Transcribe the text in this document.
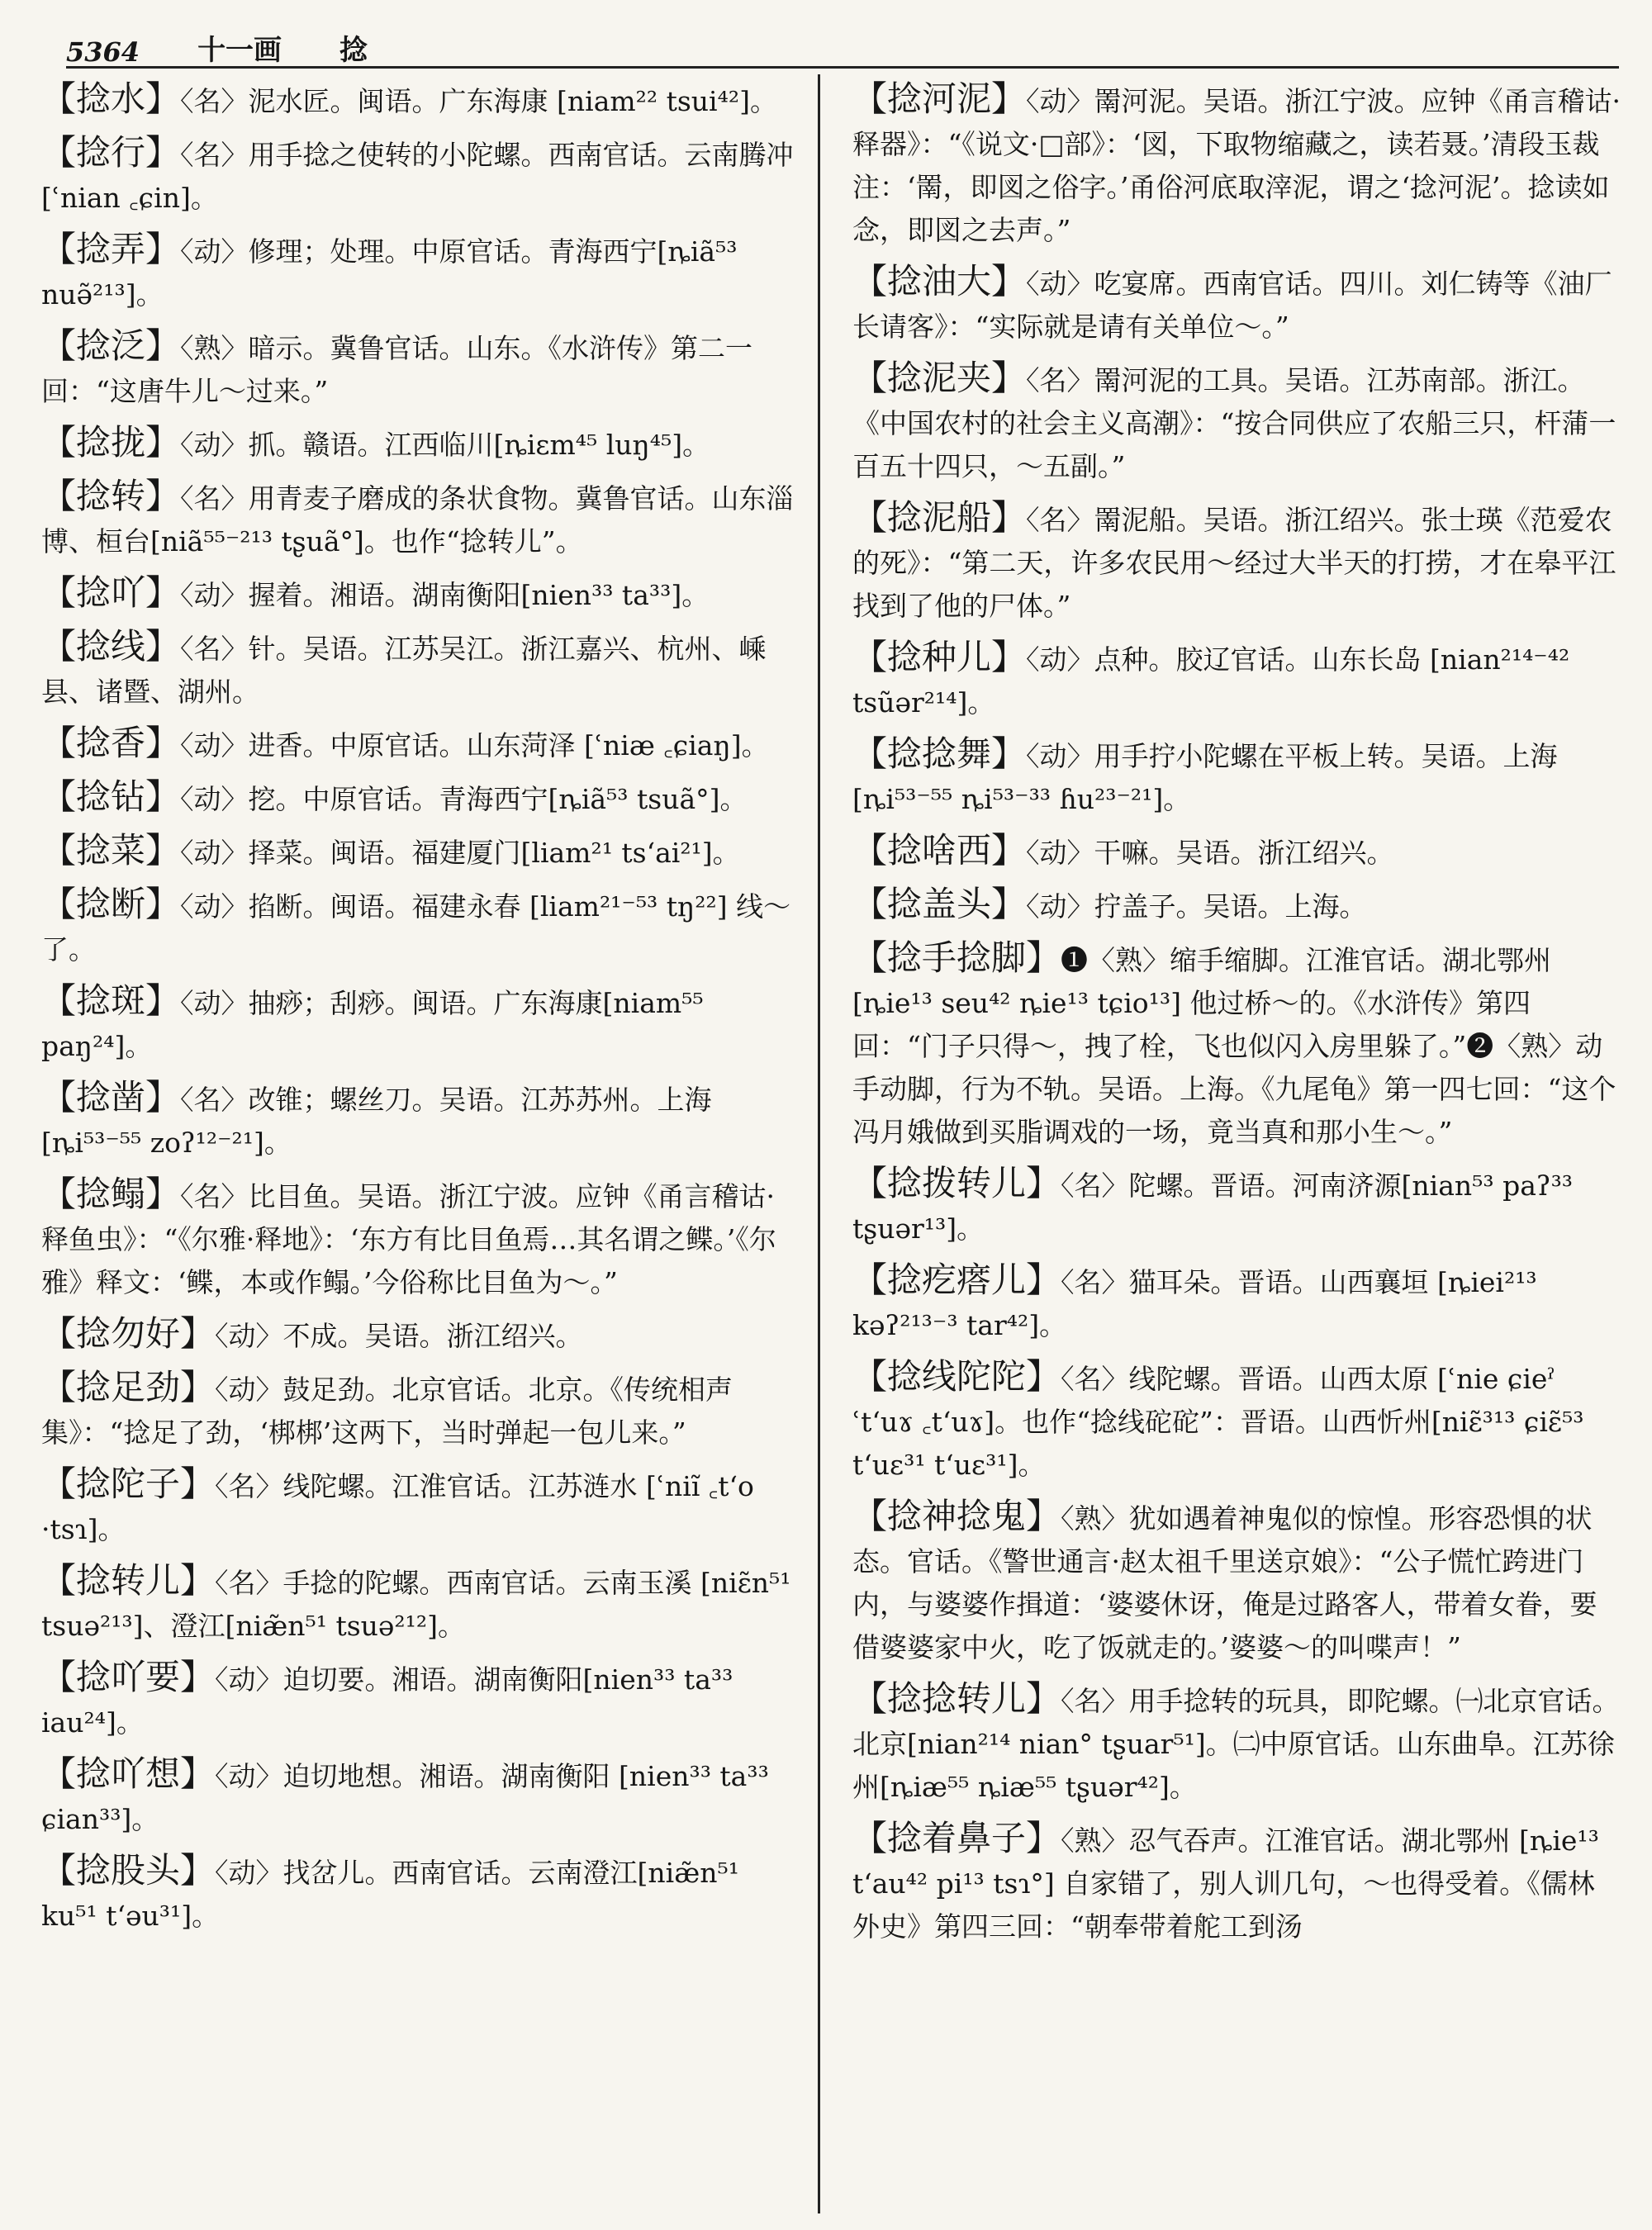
5364 十一画 捻
【捻水】〈名〉泥水匠。闽语。广东海康 [niam²² tsui⁴²]。
【捻行】〈名〉用手捻之使转的小陀螺。西南官话。云南腾冲[ʿnian ꜀ɕin]。
【捻弄】〈动〉修理；处理。中原官话。青海西宁[ȵiã⁵³ nuə̃²¹³]。
【捻泛】〈熟〉暗示。冀鲁官话。山东。《水浒传》第二一回：“这唐牛儿～过来。”
【捻拢】〈动〉抓。赣语。江西临川[ȵiɛm⁴⁵ luŋ⁴⁵]。
【捻转】〈名〉用青麦子磨成的条状食物。冀鲁官话。山东淄博、桓台[niã⁵⁵⁻²¹³ tʂuã°]。也作“捻转儿”。
【捻吖】〈动〉握着。湘语。湖南衡阳[nien³³ ta³³]。
【捻线】〈名〉针。吴语。江苏吴江。浙江嘉兴、杭州、嵊县、诸暨、湖州。
【捻香】〈动〉进香。中原官话。山东菏泽 [ʿniæ ꜀ɕiaŋ]。
【捻钻】〈动〉挖。中原官话。青海西宁[ȵiã⁵³ tsuã°]。
【捻菜】〈动〉择菜。闽语。福建厦门[liam²¹ tsʻai²¹]。
【捻断】〈动〉掐断。闽语。福建永春 [liam²¹⁻⁵³ tŋ²²] 线～了。
【捻斑】〈动〉抽痧；刮痧。闽语。广东海康[niam⁵⁵ paŋ²⁴]。
【捻凿】〈名〉改锥；螺丝刀。吴语。江苏苏州。上海 [ȵi⁵³⁻⁵⁵ zoʔ¹²⁻²¹]。
【捻鳎】〈名〉比目鱼。吴语。浙江宁波。应钟《甬言稽诂·释鱼虫》：“《尔雅·释地》：‘东方有比目鱼焉…其名谓之鲽。’《尔雅》释文：‘鲽，本或作鳎。’今俗称比目鱼为～。”
【捻勿好】〈动〉不成。吴语。浙江绍兴。
【捻足劲】〈动〉鼓足劲。北京官话。北京。《传统相声集》：“捻足了劲，‘梆梆’这两下，当时弹起一包儿来。”
【捻陀子】〈名〉线陀螺。江淮官话。江苏涟水 [ʿniĩ ꜀tʻo ·tsɿ]。
【捻转儿】〈名〉手捻的陀螺。西南官话。云南玉溪 [niɛ̃n⁵¹ tsuə²¹³]、澄江[niæ̃n⁵¹ tsuə²¹²]。
【捻吖要】〈动〉迫切要。湘语。湖南衡阳[nien³³ ta³³ iau²⁴]。
【捻吖想】〈动〉迫切地想。湘语。湖南衡阳 [nien³³ ta³³ ɕian³³]。
【捻股头】〈动〉找岔儿。西南官话。云南澄江[niæ̃n⁵¹ ku⁵¹ tʻəu³¹]。
【捻河泥】〈动〉罱河泥。吴语。浙江宁波。应钟《甬言稽诂·释器》：“《说文·□部》：‘図，下取物缩藏之，读若聂。’清段玉裁注：‘罱，即図之俗字。’甬俗河底取滓泥，谓之‘捻河泥’。捻读如念，即図之去声。”
【捻油大】〈动〉吃宴席。西南官话。四川。刘仁铸等《油厂长请客》：“实际就是请有关单位～。”
【捻泥夹】〈名〉罱河泥的工具。吴语。江苏南部。浙江。《中国农村的社会主义高潮》：“按合同供应了农船三只，杆蒲一百五十四只，～五副。”
【捻泥船】〈名〉罱泥船。吴语。浙江绍兴。张士瑛《范爱农的死》：“第二天，许多农民用～经过大半天的打捞，才在皋平江找到了他的尸体。”
【捻种儿】〈动〉点种。胶辽官话。山东长岛 [nian²¹⁴⁻⁴² tsũər²¹⁴]。
【捻捻舞】〈动〉用手拧小陀螺在平板上转。吴语。上海 [ȵi⁵³⁻⁵⁵ ȵi⁵³⁻³³ ɦu²³⁻²¹]。
【捻啥西】〈动〉干嘛。吴语。浙江绍兴。
【捻盖头】〈动〉拧盖子。吴语。上海。
【捻手捻脚】❶〈熟〉缩手缩脚。江淮官话。湖北鄂州 [ȵie¹³ seu⁴² ȵie¹³ tɕio¹³] 他过桥～的。《水浒传》第四回：“门子只得～，拽了栓，飞也似闪入房里躲了。”❷〈熟〉动手动脚，行为不轨。吴语。上海。《九尾龟》第一四七回：“这个冯月娥做到买脂调戏的一场，竟当真和那小生～。”
【捻拨转儿】〈名〉陀螺。晋语。河南济源[nian⁵³ paʔ³³ tʂuər¹³]。
【捻疙瘩儿】〈名〉猫耳朵。晋语。山西襄垣 [ȵiei²¹³ kəʔ²¹³⁻³ tar⁴²]。
【捻线陀陀】〈名〉线陀螺。晋语。山西太原 [ʿnie ɕieˀ ʿtʻuɤ ꜀tʻuɤ]。也作“捻线砣砣”：晋语。山西忻州[niɛ̃³¹³ ɕiɛ̃⁵³ tʻuɛ³¹ tʻuɛ³¹]。
【捻神捻鬼】〈熟〉犹如遇着神鬼似的惊惶。形容恐惧的状态。官话。《警世通言·赵太祖千里送京娘》：“公子慌忙跨进门内，与婆婆作揖道：‘婆婆休讶，俺是过路客人，带着女眷，要借婆婆家中火，吃了饭就走的。’婆婆～的叫喋声！”
【捻捻转儿】〈名〉用手捻转的玩具，即陀螺。㈠北京官话。北京[nian²¹⁴ nian° tʂuar⁵¹]。㈡中原官话。山东曲阜。江苏徐州[ȵiæ⁵⁵ ȵiæ⁵⁵ tʂuər⁴²]。
【捻着鼻子】〈熟〉忍气吞声。江淮官话。湖北鄂州 [ȵie¹³ tʻau⁴² pi¹³ tsɿ°] 自家错了，别人训几句，～也得受着。《儒林外史》第四三回：“朝奉带着舵工到汤
